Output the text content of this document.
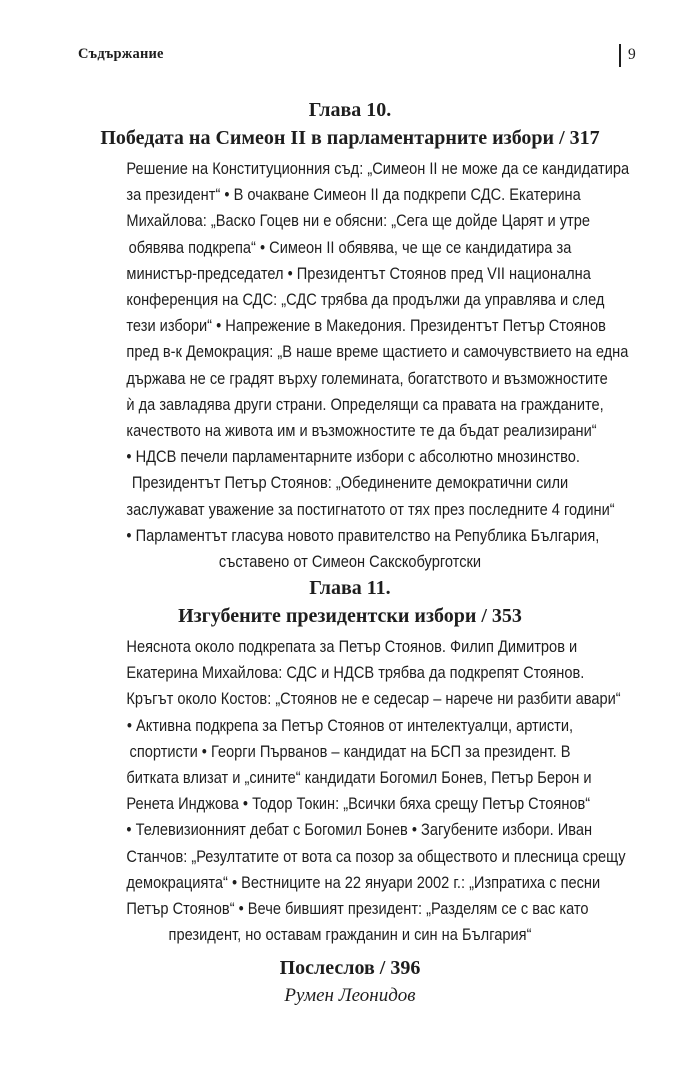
Съдържание	9
Глава 10.
Победата на Симеон II в парламентарните избори / 317
Решение на Конституционния съд: „Симеон II не може да се кандидатира
за президент“ • В очакване Симеон II да подкрепи СДС. Екатерина
Михайлова: „Васко Гоцев ни е обясни: „Сега ще дойде Царят и утре
обявява подкрепа“ • Симеон II обявява, че ще се кандидатира за
министър-председател • Президентът Стоянов пред VII национална
конференция на СДС: „СДС трябва да продължи да управлява и след
тези избори“ • Напрежение в Македония. Президентът Петър Стоянов
пред в-к Демокрация: „В наше време щастието и самочувствието на една
държава не се градят върху големината, богатството и възможностите
ѝ да завладява други страни. Определящи са правата на гражданите,
качеството на живота им и възможностите те да бъдат реализирани“
• НДСВ печели парламентарните избори с абсолютно мнозинство.
Президентът Петър Стоянов: „Обединените демократични сили
заслужават уважение за постигнатото от тях през последните 4 години“
• Парламентът гласува новото правителство на Република България,
съставено от Симеон Сакскобурготски
Глава 11.
Изгубените президентски избори / 353
Неяснота около подкрепата за Петър Стоянов. Филип Димитров и
Екатерина Михайлова: СДС и НДСВ трябва да подкрепят Стоянов.
Кръгът около Костов: „Стоянов не е седесар – нарече ни разбити авари“
• Активна подкрепа за Петър Стоянов от интелектуалци, артисти,
спортисти • Георги Първанов – кандидат на БСП за президент. В
битката влизат и „сините“ кандидати Богомил Бонев, Петър Берон и
Ренета Инджова • Тодор Токин: „Всички бяха срещу Петър Стоянов“
• Телевизионният дебат с Богомил Бонев • Загубените избори. Иван
Станчов: „Резултатите от вота са позор за обществото и плесница срещу
демокрацията“ • Вестниците на 22 януари 2002 г.: „Изпратиха с песни
Петър Стоянов“ • Вече бившият президент: „Разделям се с вас като
президент, но оставам гражданин и син на България“
Послеслов / 396
Румен Леонидов
